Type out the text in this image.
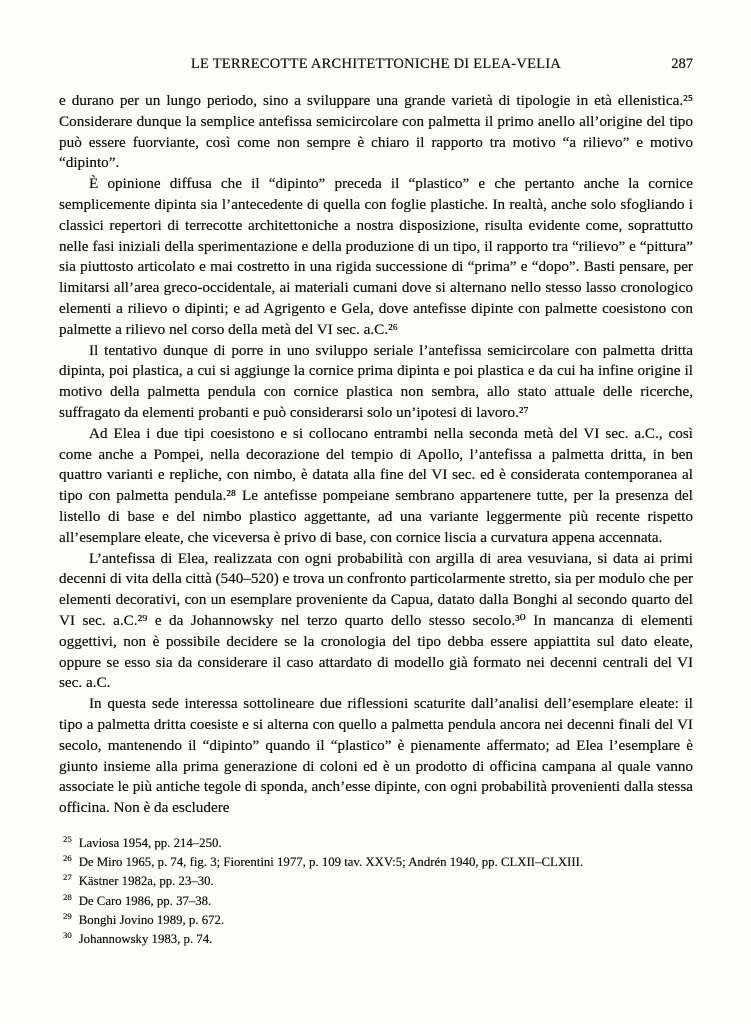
LE TERRECOTTE ARCHITETTONICHE DI ELEA-VELIA	287

e durano per un lungo periodo, sino a sviluppare una grande varietà di tipologie in età ellenistica.²⁵ Considerare dunque la semplice antefissa semicircolare con palmetta il primo anello all’origine del tipo può essere fuorviante, così come non sempre è chiaro il rapporto tra motivo “a rilievo” e motivo “dipinto”.

È opinione diffusa che il “dipinto” preceda il “plastico” e che pertanto anche la cornice semplicemente dipinta sia l’antecedente di quella con foglie plastiche. In realtà, anche solo sfogliando i classici repertori di terrecotte architettoniche a nostra disposizione, risulta evidente come, soprattutto nelle fasi iniziali della sperimentazione e della produzione di un tipo, il rapporto tra “rilievo” e “pittura” sia piuttosto articolato e mai costretto in una rigida successione di “prima” e “dopo”. Basti pensare, per limitarsi all’area greco-occidentale, ai materiali cumani dove si alternano nello stesso lasso cronologico elementi a rilievo o dipinti; e ad Agrigento e Gela, dove antefisse dipinte con palmette coesistono con palmette a rilievo nel corso della metà del VI sec. a.C.²⁶

Il tentativo dunque di porre in uno sviluppo seriale l’antefissa semicircolare con palmetta dritta dipinta, poi plastica, a cui si aggiunge la cornice prima dipinta e poi plastica e da cui ha infine origine il motivo della palmetta pendula con cornice plastica non sembra, allo stato attuale delle ricerche, suffragato da elementi probanti e può considerarsi solo un’ipotesi di lavoro.²⁷

Ad Elea i due tipi coesistono e si collocano entrambi nella seconda metà del VI sec. a.C., così come anche a Pompei, nella decorazione del tempio di Apollo, l’antefissa a palmetta dritta, in ben quattro varianti e repliche, con nimbo, è datata alla fine del VI sec. ed è considerata contemporanea al tipo con palmetta pendula.²⁸ Le antefisse pompeiane sembrano appartenere tutte, per la presenza del listello di base e del nimbo plastico aggettante, ad una variante leggermente più recente rispetto all’esemplare eleate, che viceversa è privo di base, con cornice liscia a curvatura appena accennata.

L’antefissa di Elea, realizzata con ogni probabilità con argilla di area vesuviana, si data ai primi decenni di vita della città (540–520) e trova un confronto particolarmente stretto, sia per modulo che per elementi decorativi, con un esemplare proveniente da Capua, datato dalla Bonghi al secondo quarto del VI sec. a.C.²⁹ e da Johannowsky nel terzo quarto dello stesso secolo.³⁰ In mancanza di elementi oggettivi, non è possibile decidere se la cronologia del tipo debba essere appiattita sul dato eleate, oppure se esso sia da considerare il caso attardato di modello già formato nei decenni centrali del VI sec. a.C.

In questa sede interessa sottolineare due riflessioni scaturite dall’analisi dell’esemplare eleate: il tipo a palmetta dritta coesiste e si alterna con quello a palmetta pendula ancora nei decenni finali del VI secolo, mantenendo il “dipinto” quando il “plastico” è pienamente affermato; ad Elea l’esemplare è giunto insieme alla prima generazione di coloni ed è un prodotto di officina campana al quale vanno associate le più antiche tegole di sponda, anch’esse dipinte, con ogni probabilità provenienti dalla stessa officina. Non è da escludere

$^{25}$ Laviosa 1954, pp. 214–250.

$^{26}$ De Miro 1965, p. 74, fig. 3; Fiorentini 1977, p. 109 tav. XXV:5; Andrén 1940, pp. CLXII–CLXIII.

$^{27}$ Kästner 1982a, pp. 23–30.

$^{28}$ De Caro 1986, pp. 37–38.

$^{29}$ Bonghi Jovino 1989, p. 672.

$^{30}$ Johannowsky 1983, p. 74.
